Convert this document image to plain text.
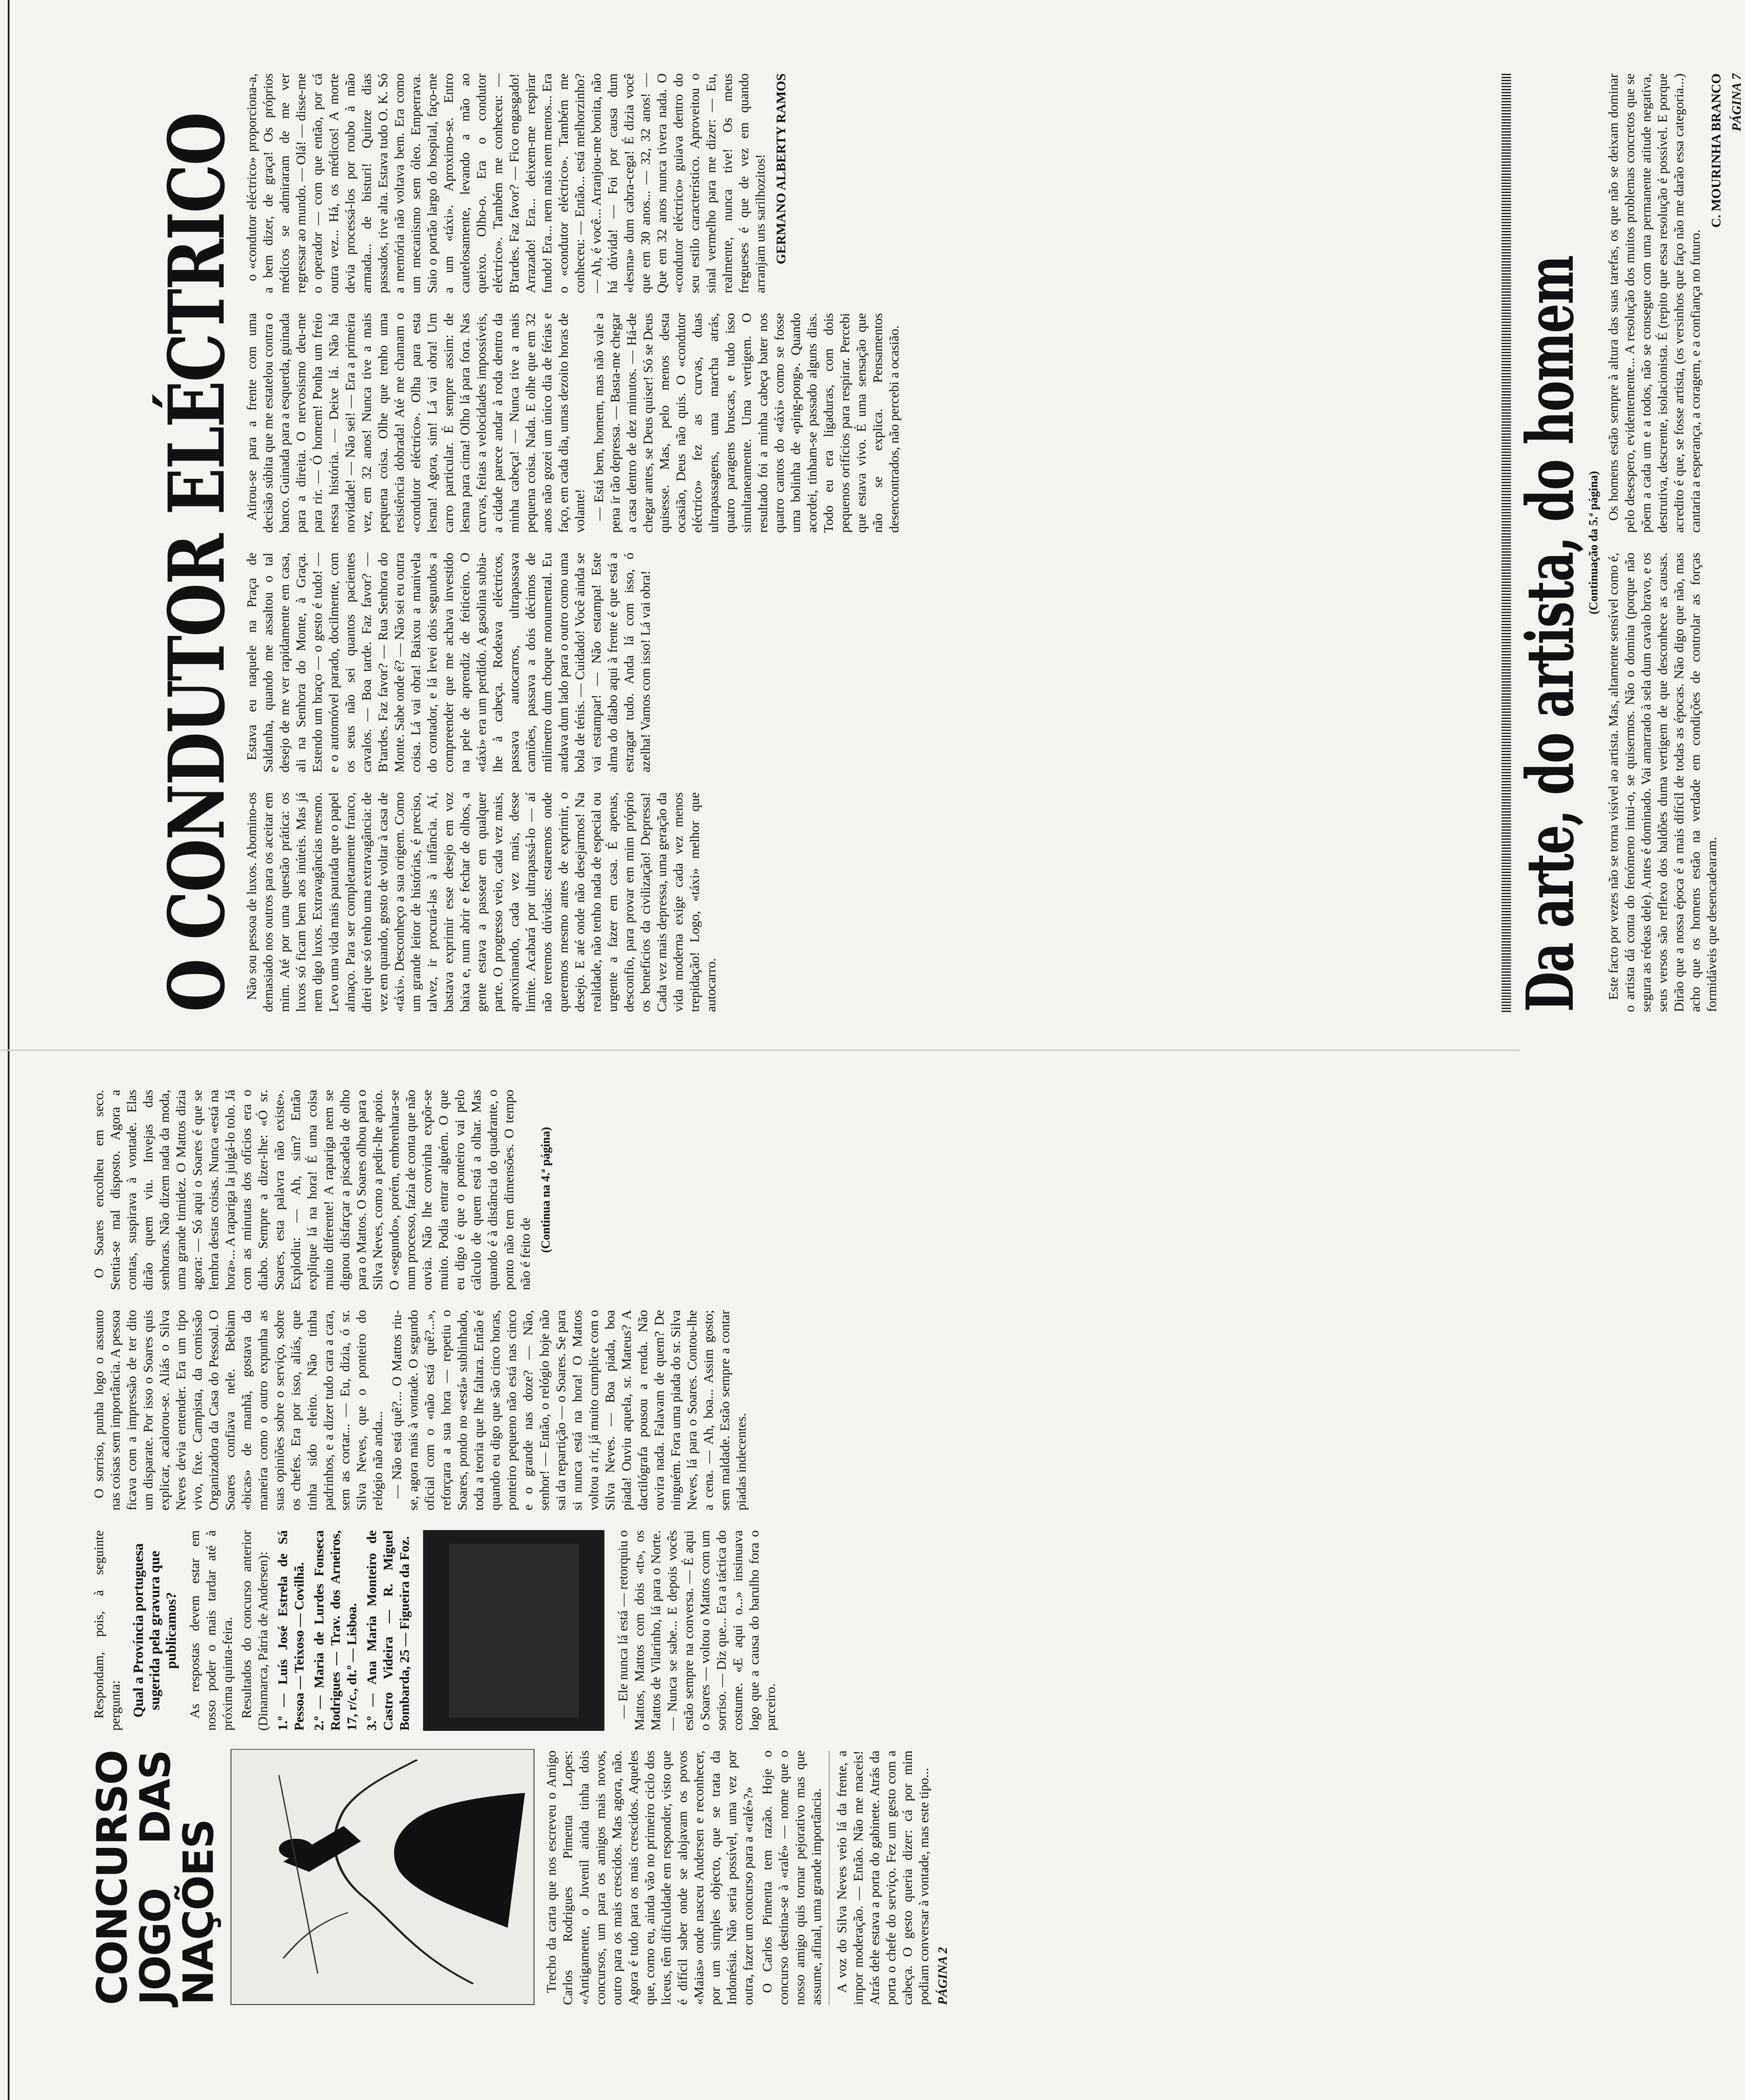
CONCURSO JOGO DAS NAÇÕES	Trecho da carta que nos escreveu o Amigo Carlos Rodrigues Pimenta Lopes: «Antigamente, o Juvenil ainda tinha dois concursos, um para os amigos mais novos, outro para os mais crescidos. Mas agora, não. Agora é tudo para os mais crescidos. Aqueles que, como eu, ainda vão no primeiro ciclo dos liceus, têm dificuldade em responder, visto que é difícil saber onde se alojavam os povos «Maias» onde nasceu Andersen e reconhecer, por um simples objecto, que se trata da Indonésia. Não seria possível, uma vez por outra, fazer um concurso para a «ralé»?» O Carlos Pimenta tem razão. Hoje o concurso destina-se à «ralé» — nome que o nosso amigo quis tornar pejorativo mas que assume, afinal, uma grande importância. A voz do Silva Neves veio lá da frente, a impor moderação. — Então. Não me maceis! Atrás dele estava a porta do gabinete. Atrás da porta o chefe do serviço. Fez um gesto com a cabeça. O gesto queria dizer: cá por mim podiam conversar à vontade, mas este tipo... PÁGINA 2

Respondam, pois, à seguinte pergunta: Qual a Província portuguesa sugerida pela gravura que publicamos? As respostas devem estar em nosso poder o mais tardar até à próxima quinta-feira. Resultados do concurso anterior (Dinamarca, Pátria de Andersen): 1.º — Luís José Estrela de Sá Pessoa — Teixoso — Covilhã. 2.º — Maria de Lurdes Fonseca Rodrigues — Trav. dos Arneiros, 17, r/c., dt.º — Lisboa. 3.º — Ana Maria Monteiro de Castro Videira — R. Miguel Bombarda, 25 — Figueira da Foz.	— Ele nunca lá está — retorquiu o Mattos, Mattos com dois «tt», os Mattos de Vilarinho, lá para o Norte. — Nunca se sabe... E depois vocês estão sempre na conversa. — É aqui o Soares — voltou o Mattos com um sorriso. — Diz que... Era a táctica do costume. «E aqui o...» insinuava logo que a causa do barulho fora o parceiro.

O sorriso, punha logo o assunto nas coisas sem importância. A pessoa ficava com a impressão de ter dito um disparate. Por isso o Soares quis explicar, acalorou-se. Aliás o Silva Neves devia entender. Era um tipo vivo, fixe. Campista, da comissão Organizadora da Casa do Pessoal. O Soares confiava nele. Bebiam «bicas» de manhã, gostava da maneira como o outro expunha as suas opiniões sobre o serviço, sobre os chefes. Era por isso, aliás, que tinha sido eleito. Não tinha padrinhos, e a dizer tudo cara a cara, sem as cortar... — Eu, dizia, ó sr. Silva Neves, que o ponteiro do relógio não anda... — Não está quê?... O Mattos riu-se, agora mais à vontade. O segundo oficial com o «não está quê?...», reforçara a sua hora — repetiu o Soares, pondo no «está» sublinhado, toda a teoria que lhe faltara. Então é quando eu digo que são cinco horas, ponteiro pequeno não está nas cinco e o grande nas doze? — Não, senhor! — Então, o relógio hoje não sai da repartição — o Soares. Se para si nunca está na hora! O Mattos voltou a rir, já muito cumplice com o Silva Neves. — Boa piada, boa piada! Ouviu aquela, sr. Mateus? A dactilógrafa pousou a renda. Não ouvira nada. Falavam de quem? De ninguém. Fora uma piada do sr. Silva Neves, lá para o Soares. Contou-lhe a cena. — Ah, boa... Assim gosto; sem maldade. Estão sempre a contar piadas indecentes.

O Soares encolheu em seco. Sentia-se mal disposto. Agora a contas, suspirava à vontade. Elas dirão quem viu. Invejas das senhoras. Não dizem nada da moda, uma grande timidez. O Mattos dizia agora: — Só aqui o Soares é que se lembra destas coisas. Nunca «está na hora»... A rapariga la julgá-lo tolo. Já com as minutas dos ofícios era o diabo. Sempre a dizer-lhe: «Ó sr. Soares, esta palavra não existe». Explodiu: — Ah, sim? Então explique lá na hora! É uma coisa muito diferente! A rapariga nem se dignou disfarçar a piscadela de olho para o Mattos. O Soares olhou para o Silva Neves, como a pedir-lhe apoio. O «segundo», porém, embrenhara-se num processo, fazia de conta que não ouvia. Não lhe convinha expôr-se muito. Podia entrar alguém. O que eu digo é que o ponteiro vai pelo cálculo de quem está a olhar. Mas quando é à distância do quadrante, o ponto não tem dimensões. O tempo não é feito de

(Continua na 4.ª página)
O CONDUTOR ELÉCTRICO Não sou pessoa de luxos. Abomino-os demasiado nos outros para os aceitar em mim. Até por uma questão prática: os luxos só ficam bem aos inúteis. Mas já nem digo luxos. Extravagâncias mesmo. Levo uma vida mais pautada que o papel almaço. Para ser completamente franco, direi que só tenho uma extravagância: de vez em quando, gosto de voltar à casa de «táxi». Desconheço a sua origem. Como um grande leitor de histórias, é preciso, talvez, ir procurá-las à infância. Aí, bastava exprimir esse desejo em voz baixa e, num abrir e fechar de olhos, a gente estava a passear em qualquer parte. O progresso veio, cada vez mais, aproximando, cada vez mais, desse limite. Acabará por ultrapassá-lo — aí não teremos dúvidas: estaremos onde queremos mesmo antes de exprimir, o desejo. E até onde não desejarmos! Na realidade, não tenho nada de especial ou urgente a fazer em casa. É apenas, desconfio, para provar em mim próprio os benefícios da civilização! Depressa! Cada vez mais depressa, uma geração da vida moderna exige cada vez menos trepidação! Logo, «táxi» melhor que autocarro.

Estava eu naquele na Praça de Saldanha, quando me assaltou o tal desejo de me ver rapidamente em casa, ali na Senhora do Monte, à Graça. Estendo um braço — o gesto é tudo! — e o automóvel parado, docilmente, com os seus não sei quantos pacientes cavalos. — Boa tarde. Faz favor? — B'tardes. Faz favor? — Rua Senhora do Monte. Sabe onde é? — Não sei eu outra coisa. Lá vai obra! Baixou a manivela do contador, e lá levei dois segundos a compreender que me achava investido na pele de aprendiz de feiticeiro. O «táxi» era um perdido. A gasolina subia-lhe à cabeça. Rodeava eléctricos, passava autocarros, ultrapassava camiões, passava a dois décimos de milímetro dum choque monumental. Eu andava dum lado para o outro como uma bola de ténis. — Cuidado! Você ainda se vai estampar! — Não estampa! Este alma do diabo aqui à frente é que está a estragar tudo. Anda lá com isso, ó azelha! Vamos com isso! Lá vai obra!

Atirou-se para a frente com uma decisão súbita que me estatelou contra o banco. Guinada para a esquerda, guinada para a direita. O nervosismo deu-me para rir. — Ó homem! Ponha um freio nessa história. — Deixe lá. Não há novidade! — Não sei! — Era a primeira vez, em 32 anos! Nunca tive a mais pequena coisa. Olhe que tenho uma resistência dobrada! Até me chamam o «condutor eléctrico». Olha para esta lesma! Agora, sim! Lá vai obra! Um carro particular. É sempre assim: de lesma para cima! Olho lá para fora. Nas curvas, feitas a velocidades impossíveis, a cidade parece andar à roda dentro da minha cabeça! — Nunca tive a mais pequena coisa. Nada. E olhe que em 32 anos não gozei um único dia de férias e faço, em cada dia, umas dezoito horas de volante! — Está bem, homem, mas não vale a pena ir tão depressa. — Basta-me chegar a casa dentro de dez minutos. — Há-de chegar antes, se Deus quiser! Só se Deus quisesse. Mas, pelo menos desta ocasião, Deus não quis. O «condutor eléctrico» fez as curvas, duas ultrapassagens, uma marcha atrás, quatro paragens bruscas, e tudo isso simultaneamente. Uma vertigem. O resultado foi a minha cabeça bater nos quatro cantos do «táxi» como se fosse uma bolinha de «ping-pong». Quando acordei, tinham-se passado alguns dias. Todo eu era ligaduras, com dois pequenos orifícios para respirar. Percebi que estava vivo. É uma sensação que não se explica. Pensamentos desencontrados, não percebi a ocasião.

o «condutor eléctrico» proporciona-a, a bem dizer, de graça! Os próprios médicos se admiraram de me ver regressar ao mundo. — Olá! — disse-me o operador — com que então, por cá outra vez... Há, os médicos! A morte devia processá-los por roubo à mão armada... de bisturi! Quinze dias passados, tive alta. Estava tudo O. K. Só a memória não voltava bem. Era como um mecanismo sem óleo. Emperrava. Saio o portão largo do hospital, faço-me a um «táxi». Aproximo-se. Entro cautelosamente, levando a mão ao queixo. Olho-o. Era o condutor eléctrico». Também me conheceu: — B'tardes. Faz favor? — Fico engasgado! Arrazado! Era... deixem-me respirar fundo! Era... nem mais nem menos... Era o «condutor eléctrico». Também me conheceu: — Então... está melhorzinho? — Ah, é você... Arranjou-me bonita, não há dúvida! — Foi por causa dum «lesma» dum cabra-cega! É dizia você que em 30 anos... — 32, 32 anos! — Que em 32 anos nunca tivera nada. O «condutor eléctrico» guiava dentro do seu estilo característico. Aproveitou o sinal vermelho para me dizer: — Eu, realmente, nunca tive! Os meus fregueses é que de vez em quando arranjam uns sarilhozitos! GERMANO ALBERTY RAMOS
Da arte, do artista, do homem
(Continuação da 5.ª página)

Este facto por vezes não se torna visível ao artista. Mas, altamente sensível como é, o artista dá conta do fenómeno intui-o, se quisermos. Não o domina (porque não segura as rédeas dele). Antes é dominado. Vai amarrado à sela dum cavalo bravo, e os seus versos são reflexo dos baldões duma vertigem de que desconhece as causas. Dirão que a nossa época é a mais difícil de todas as épocas. Não digo que não, mas acho que os homens estão na verdade em condições de controlar as forças formidáveis que desencadearam.

Os homens estão sempre à altura das suas tarefas, os que não se deixam dominar pelo desespero, evidentemente... A resolução dos muitos problemas concretos que se põem a cada um e a todos, não se consegue com uma permanente atitude negativa, destrutiva, descrente, isolacionista. É (repito que essa resolução é possível. E porque acredito é que, se fosse artista, (os versinhos que faço não me darão essa categoria...) cantaria a esperança, a coragem, e a confiança no futuro.

C. MOURINHA BRANCO PÁGINA 7
